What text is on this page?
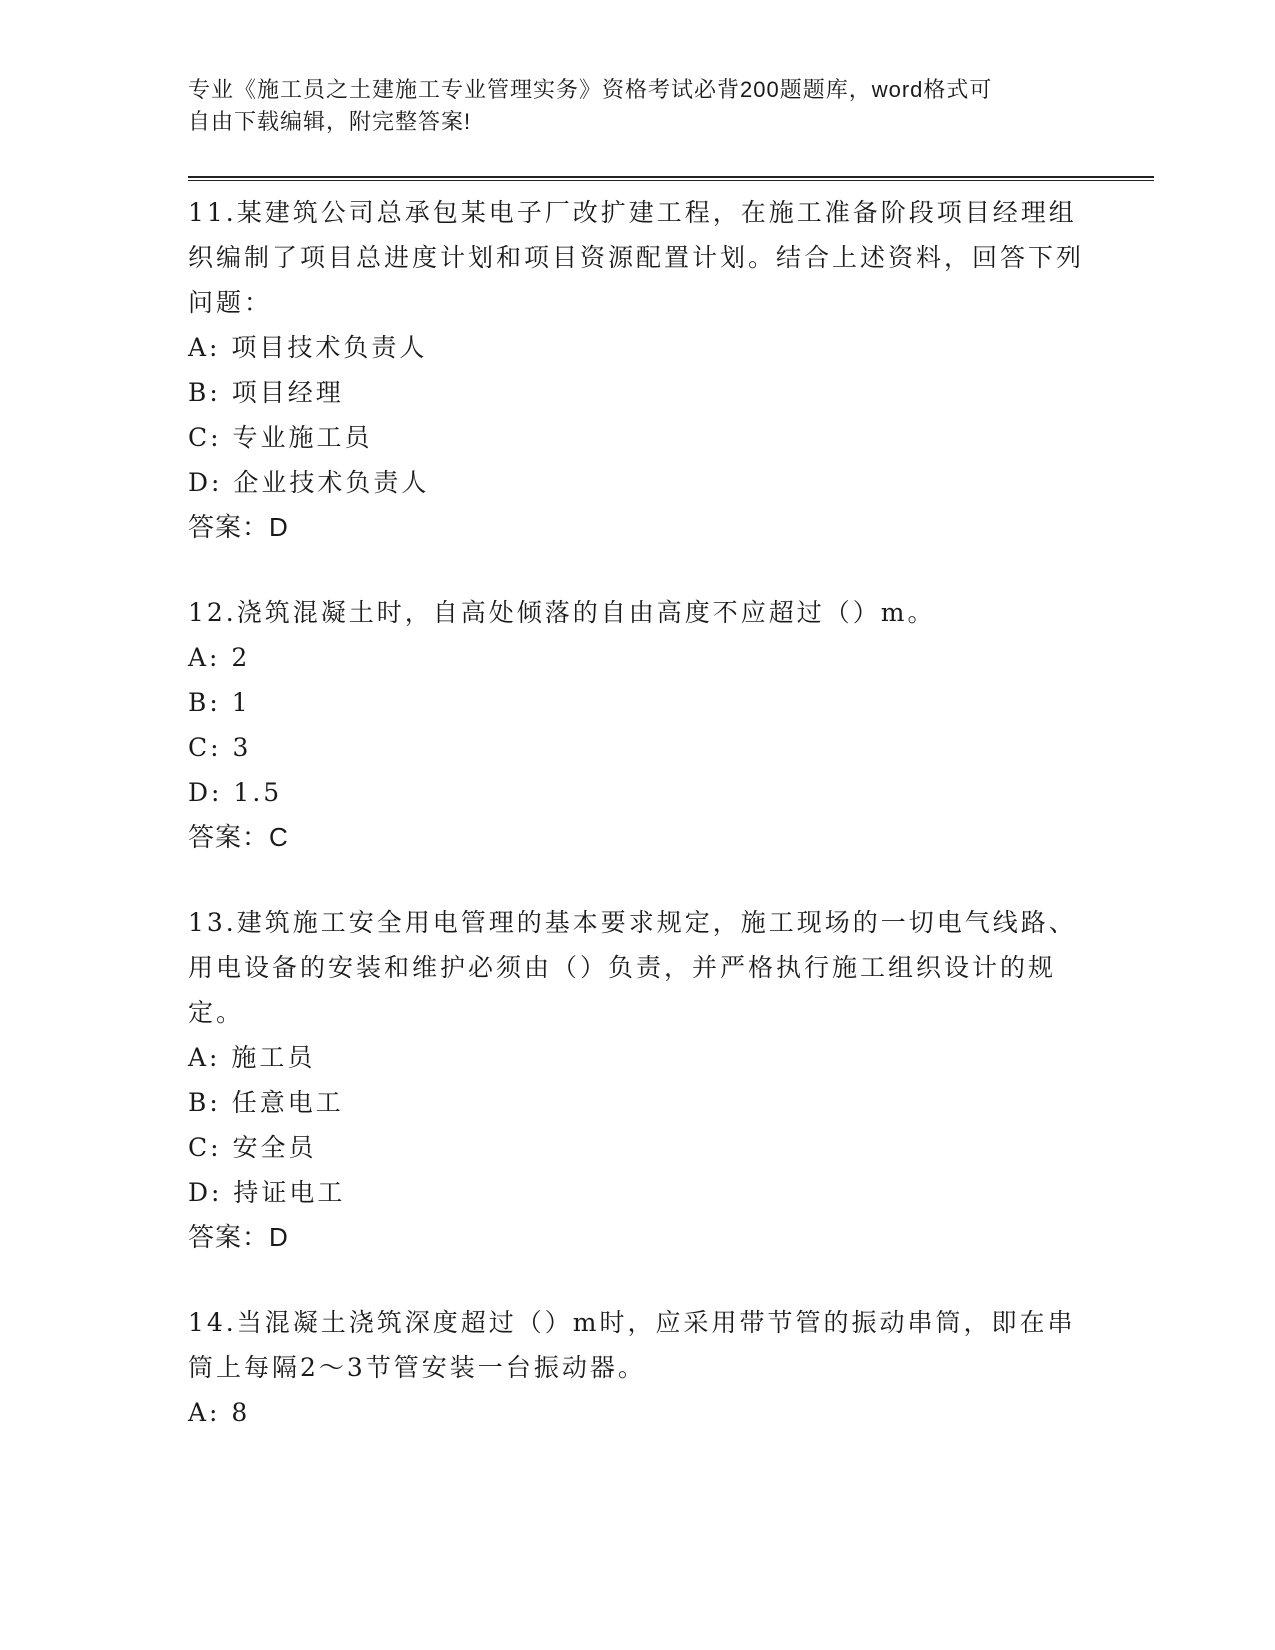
专业《施工员之土建施工专业管理实务》资格考试必背200题题库，word格式可
自由下载编辑，附完整答案!

11.某建筑公司总承包某电子厂改扩建工程，在施工准备阶段项目经理组织编制了项目总进度计划和项目资源配置计划。结合上述资料，回答下列问题：

A: 项目技术负责人

B: 项目经理

C: 专业施工员

D: 企业技术负责人

答案：D

12.浇筑混凝土时，自高处倾落的自由高度不应超过（）m。

A: 2

B: 1

C: 3

D: 1.5

答案：C

13.建筑施工安全用电管理的基本要求规定，施工现场的一切电气线路、用电设备的安装和维护必须由（）负责，并严格执行施工组织设计的规定。

A: 施工员

B: 任意电工

C: 安全员

D: 持证电工

答案：D

14.当混凝土浇筑深度超过（）m时，应采用带节管的振动串筒，即在串筒上每隔2～3节管安装一台振动器。

A: 8
